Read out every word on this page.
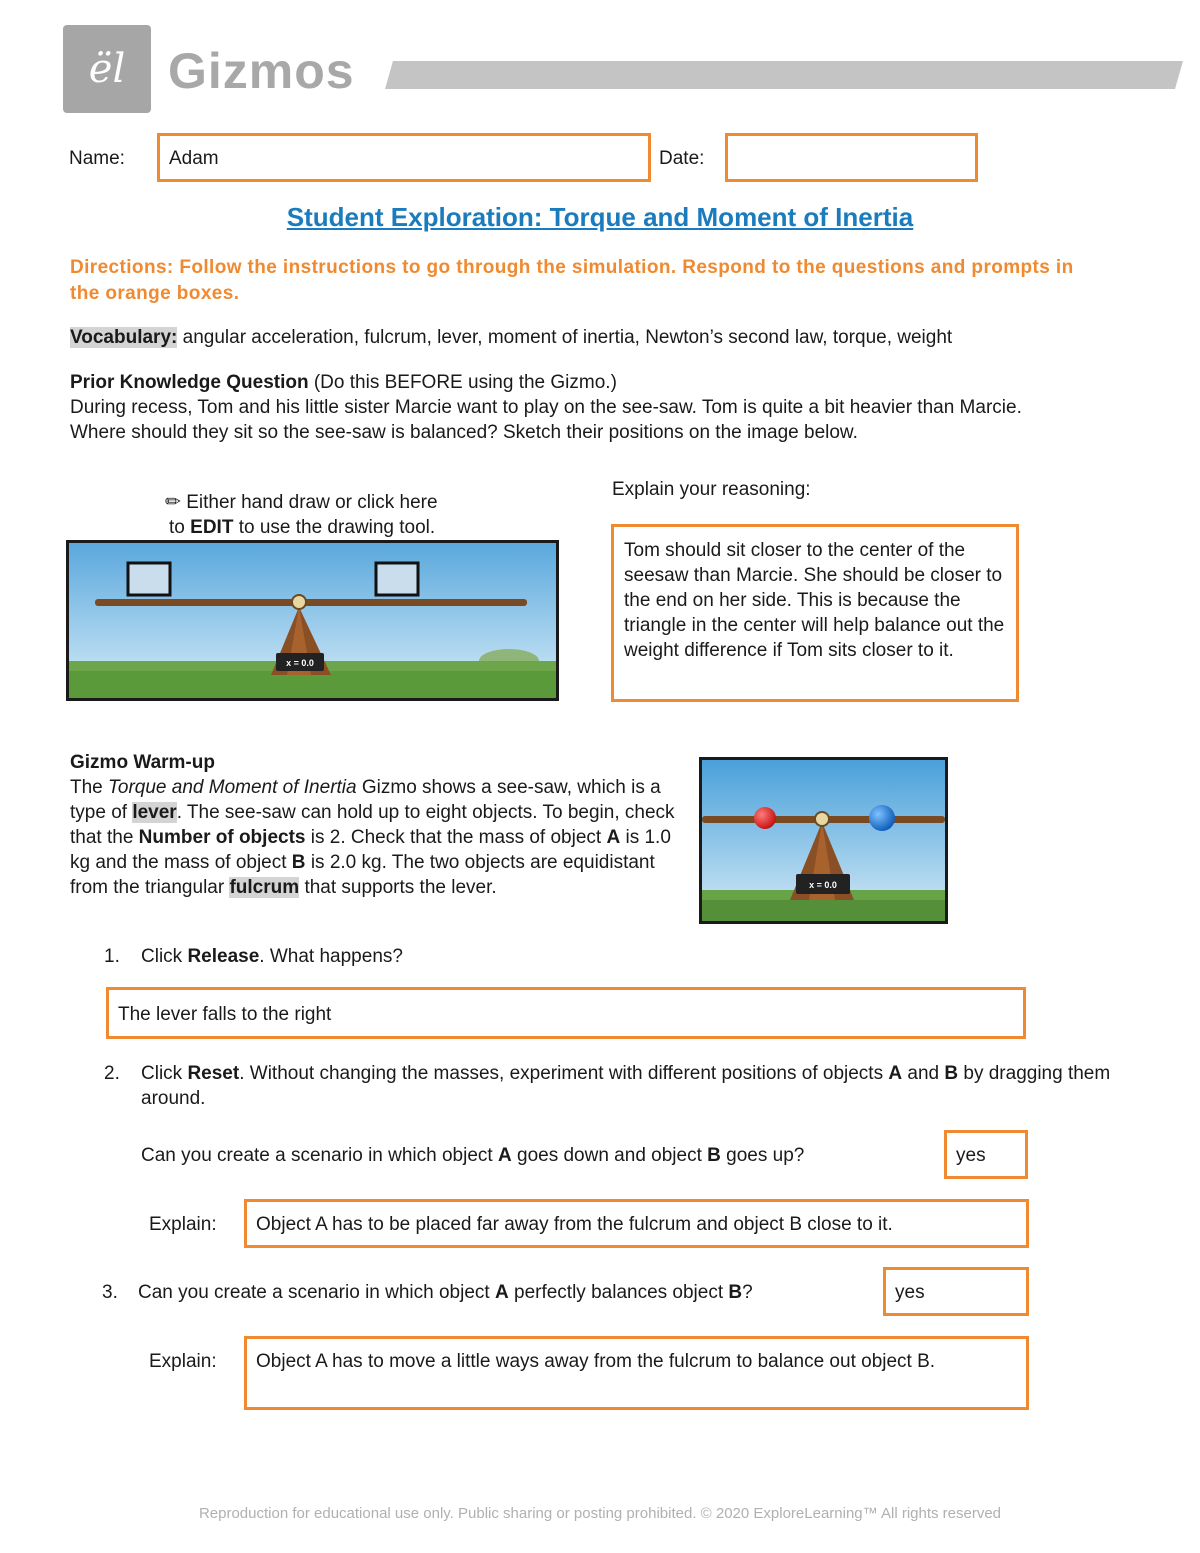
ël Gizmos
Name:	Adam	Date:
Student Exploration: Torque and Moment of Inertia
Directions: Follow the instructions to go through the simulation. Respond to the questions and prompts in the orange boxes.
Vocabulary: angular acceleration, fulcrum, lever, moment of inertia, Newton’s second law, torque, weight
Prior Knowledge Question (Do this BEFORE using the Gizmo.)
During recess, Tom and his little sister Marcie want to play on the see-saw. Tom is quite a bit heavier than Marcie. Where should they sit so the see-saw is balanced? Sketch their positions on the image below.
✏ Either hand draw or click here
to EDIT to use the drawing tool.
x = 0.0
Explain your reasoning:
Tom should sit closer to the center of the seesaw than Marcie. She should be closer to the end on her side. This is because the triangle in the center will help balance out the weight difference if Tom sits closer to it.
Gizmo Warm-up
The Torque and Moment of Inertia Gizmo shows a see-saw, which is a type of lever. The see-saw can hold up to eight objects. To begin, check that the Number of objects is 2. Check that the mass of object A is 1.0 kg and the mass of object B is 2.0 kg. The two objects are equidistant from the triangular fulcrum that supports the lever.	x = 0.0
1. Click Release. What happens?
The lever falls to the right
2. Click Reset. Without changing the masses, experiment with different positions of objects A and B by dragging them around.
Can you create a scenario in which object A goes down and object B goes up?	yes
Explain:	Object A has to be placed far away from the fulcrum and object B close to it.
3. Can you create a scenario in which object A perfectly balances object B?	yes
Explain:	Object A has to move a little ways away from the fulcrum to balance out object B.
Reproduction for educational use only. Public sharing or posting prohibited. © 2020 ExploreLearning™ All rights reserved
